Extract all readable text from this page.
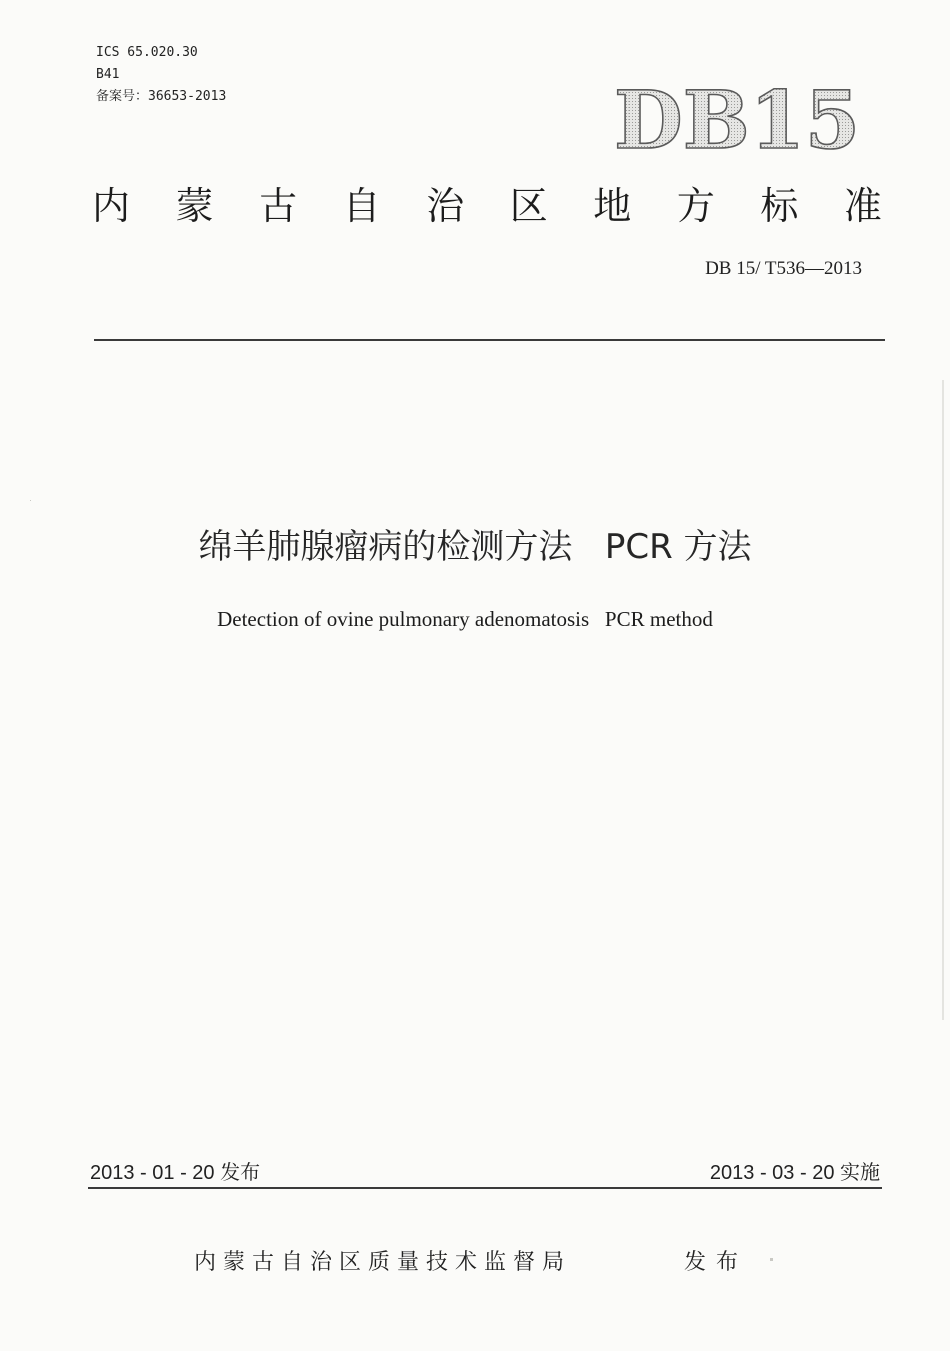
ICS 65.020.30
B41
备案号：36653-2013	DB15
内 蒙 古 自 治 区 地 方 标 准
DB 15/ T536—2013
绵羊肺腺瘤病的检测方法   PCR 方法
Detection of ovine pulmonary adenomatosis   PCR method
2013 - 01 - 20 发布	2013 - 03 - 20 实施
内蒙古自治区质量技术监督局	发布
